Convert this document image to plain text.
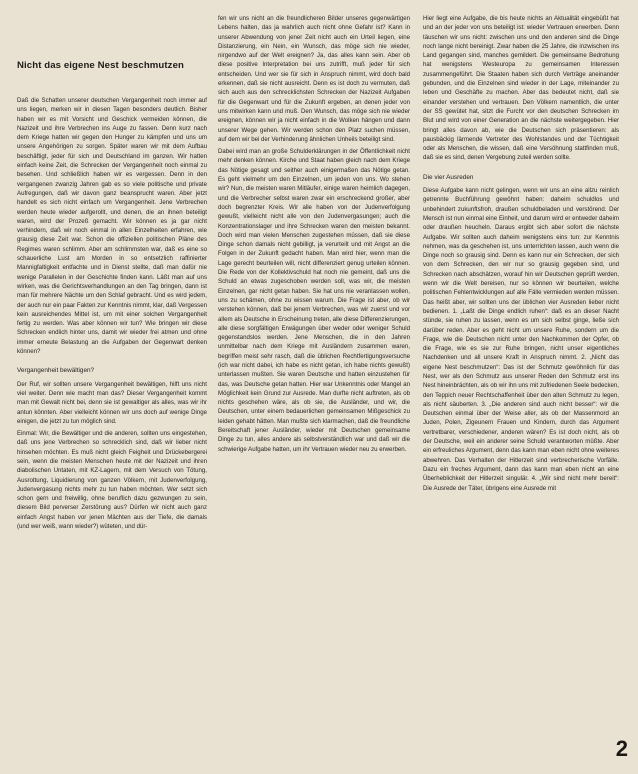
Nicht das eigene Nest beschmutzen

Daß die Schatten unserer deutschen Vergangenheit noch immer auf uns liegen, merken wir in diesen Tagen besonders deutlich. Bisher haben wir es mit Vorsicht und Geschick vermeiden können, die Nazizeit und ihre Verbrechen ins Auge zu fassen. Denn kurz nach dem Kriege hatten wir gegen den Hunger zu kämpfen und uns um unsere Angehörigen zu sorgen. Später waren wir mit dem Aufbau beschäftigt, jeder für sich und Deutschland im ganzen. Wir hatten einfach keine Zeit, die Schrecken der Vergangenheit noch einmal zu besehen. Und schließlich haben wir es vergessen. Denn in den vergangenen zwanzig Jahren gab es so viele politische und private Aufregungen, daß wir davon ganz beansprucht waren. Aber jetzt handelt es sich nicht einfach um Vergangenheit. Jene Verbrechen werden heute wieder aufgerollt, und denen, die an ihnen beteiligt waren, wird der Prozeß gemacht. Wir können es ja gar nicht verhindern, daß wir noch einmal in allen Einzelheiten erfahren, wie grausig diese Zeit war. Schon die offiziellen politischen Pläne des Regimes waren schlimm. Aber am schlimmsten war, daß es eine so schauerliche Lust am Morden in so entsetzlich raffinierter Mannigfaltigkeit entfachte und in Dienst stellte, daß man dafür nie wenige Parallelen in der Geschichte finden kann. Läßt man auf uns wirken, was die Gerichtsverhandlungen an den Tag bringen, dann ist man für mehrere Nächte um den Schlaf gebracht. Und es wird jedem, der auch nur ein paar Fakten zur Kenntnis nimmt, klar, daß Vergessen kein ausreichendes Mittel ist, um mit einer solchen Vergangenheit fertig zu werden. Was aber können wir tun? Wie bringen wir diese Schrecken endlich hinter uns, damit wir wieder frei atmen und ohne immer erneute Belastung an die Aufgaben der Gegenwart denken können?

Vergangenheit bewältigen?

Der Ruf, wir sollten unsere Vergangenheit bewältigen, hilft uns nicht viel weiter. Denn wie macht man das? Dieser Vergangenheit kommt man mit Gewalt nicht bei, denn sie ist gewaltiger als alles, was wir ihr antun könnten. Aber vielleicht können wir uns doch auf wenige Dinge einigen, die jetzt zu tun möglich sind.

Einmal: Wir, die Bewältiger und die anderen, sollten uns eingestehen, daß uns jene Verbrechen so schrecklich sind, daß wir lieber nicht hinsehen möchten. Es muß nicht gleich Feigheit und Drückebergerei sein, wenn die meisten Menschen heute mit der Nazizeit und ihren diabolischen Untaten, mit KZ-Lagern, mit dem Versuch von Tötung, Ausrottung, Liquidierung von ganzen Völkern, mit Judenverfolgung, Judenvergasung nichts mehr zu tun haben möchten. Wer setzt sich schon gern und freiwillig, ohne beruflich dazu gezwungen zu sein, diesem Bild perverser Zerstörung aus? Dürfen wir nicht auch ganz einfach Angst haben vor jenen Mächten aus der Tiefe, die damals (und wer weiß, wann wieder?) wüteten, und dür-

fen wir uns nicht an die freundlicheren Bilder unseres gegenwärtigen Lebens halten, das ja wahrlich auch nicht ohne Gefahr ist? Kann in unserer Abwendung von jener Zeit nicht auch ein Urteil liegen, eine Distanzierung, ein Nein, ein Wunsch, das möge sich nie wieder, nirgendwo auf der Welt ereignen? Ja, das alles kann sein. Aber ob diese positive Interpretation bei uns zutrifft, muß jeder für sich entscheiden. Und wer sie für sich in Anspruch nimmt, wird doch bald erkennen, daß sie nicht ausreicht. Denn es ist doch zu vermuten, daß sich auch aus den schrecklichsten Schrecken der Nazizeit Aufgaben für die Gegenwart und für die Zukunft ergeben, an denen jeder von uns mitwirken kann und muß. Den Wunsch, das möge sich nie wieder ereignen, können wir ja nicht einfach in die Wolken hängen und dann unserer Wege gehen. Wir werden schon den Platz suchen müssen, auf dem wir bei der Verhinderung ähnlichen Unheils beteiligt sind.

Dabei wird man an große Schulderklärungen in der Öffentlichkeit nicht mehr denken können. Kirche und Staat haben gleich nach dem Kriege das Nötige gesagt und seither auch einigermaßen das Nötige getan. Es geht vielmehr um den Einzelnen, um jeden von uns. Wo stehen wir? Nun, die meisten waren Mitläufer, einige waren heimlich dagegen, und die Verbrecher selbst waren zwar ein erschreckend großer, aber doch begrenzter Kreis. Wir alle haben von der Judenverfolgung gewußt, vielleicht nicht alle von den Judenvergasungen; auch die Konzentrationslager und ihre Schrecken waren den meisten bekannt. Doch wird man vielen Menschen zugestehen müssen, daß sie diese Dinge schon damals nicht gebilligt, ja verurteilt und mit Angst an die Folgen in der Zukunft gedacht haben. Man wird hier, wenn man die Lage gerecht beurteilen will, nicht differenziert genug urteilen können. Die Rede von der Kollektivschuld hat noch nie gemeint, daß uns die Schuld an etwas zugeschoben werden soll, was wir, die meisten Einzelnen, gar nicht getan haben. Sie hat uns nie veranlassen wollen, uns zu schämen, ohne zu wissen warum. Die Frage ist aber, ob wir verstehen können, daß bei jenem Verbrechen, was wir zuerst und vor allem als Deutsche in Erscheinung treten, alle diese Differenzierungen, alle diese sorgfältigen Erwägungen über weder oder weniger Schuld gegenstandslos werden. Jene Menschen, die in den Jahren unmittelbar nach dem Kriege mit Ausländern zusammen waren, begriffen meist sehr rasch, daß die üblichen Rechtfertigungsversuche (ich war nicht dabei, ich habe es nicht getan, ich habe nichts gewußt) unterlassen mußten. Sie waren Deutsche und hatten einzustehen für das, was Deutsche getan hatten. Hier war Unkenntnis oder Mangel an Möglichkeit kein Grund zur Ausrede. Man durfte nicht auftreten, als ob nichts geschehen wäre, als ob sie, die Ausländer, und wir, die Deutschen, unter einem bedauerlichen gemeinsamen Mißgeschick zu leiden gehabt hätten. Man mußte sich klarmachen, daß die freundliche Bereitschaft jener Ausländer, wieder mit Deutschen gemeinsame Dinge zu tun, alles andere als selbstverständlich war und daß wir die schwierige Aufgabe hatten, um ihr Vertrauen wieder neu zu erwerben.

Hier liegt eine Aufgabe, die bis heute nichts an Aktualität eingebüßt hat und an der jeder von uns beteiligt ist: wieder Vertrauen erwerben. Denn täuschen wir uns nicht: zwischen uns und den anderen sind die Dinge noch lange nicht bereinigt. Zwar haben die 25 Jahre, die inzwischen ins Land gegangen sind, manches gemildert. Die gemeinsame Bedrohung hat wenigstens Westeuropa zu gemeinsamen Interessen zusammengeführt. Die Staaten haben sich durch Verträge aneinander gebunden, und die Einzelnen sind wieder in der Lage, miteinander zu leben und Geschäfte zu machen. Aber das bedeutet nicht, daß sie einander verstehen und vertrauen. Den Völkern namentlich, die unter der SS gewütet hat, sitzt die Furcht vor den deutschen Schrecken im Blut und wird von einer Generation an die nächste weitergegeben. Hier bringt alles davon ab, wie die Deutschen sich präsentieren: als pausbäckig lärmende Vertreter des Wohlstandes und der Tüchtigkeit oder als Menschen, die wissen, daß eine Versöhnung stattfinden muß, daß sie es sind, denen Vergebung zuteil werden sollte.

Die vier Ausreden

Diese Aufgabe kann nicht gelingen, wenn wir uns an eine allzu reinlich getrennte Buchführung gewöhnt haben: daheim schuldlos und unbehindert zukunftsfroh, draußen schuldbeladen und verstörend. Der Mensch ist nun einmal eine Einheit, und darum wird er entweder daheim oder draußen heucheln. Daraus ergibt sich aber sofort die nächste Aufgabe. Wir sollten auch daheim wenigstens eins tun: zur Kenntnis nehmen, was da geschehen ist, uns unterrichten lassen, auch wenn die Dinge noch so grausig sind. Denn es kann nur ein Schrecken, der sich von dem Schrecken, den wir nur so grausig gegeben sind, und Schrecken nach abschätzen, worauf hin wir Deutschen geprüft werden, wenn wir die Welt bereisen, nur so können wir beurteilen, welche politischen Fehlentwicklungen auf alle Fälle vermieden werden müssen. Das heißt aber, wir sollten uns der üblichen vier Ausreden lieber nicht bedienen. 1. „Laßt die Dinge endlich ruhen“: daß es an dieser Nacht stünde, sie ruhen zu lassen, wenn es um sich selbst ginge, ließe sich darüber reden. Aber es geht nicht um unsere Ruhe, sondern um die Frage, wie die Deutschen nicht unter den Nachkommen der Opfer, ob die Frage, wie es sie zur Ruhe bringen, nicht unser eigentliches Nachdenken und all unsere Kraft in Anspruch nimmt. 2. „Nicht das eigene Nest beschmutzen“: Das ist der Schmutz gewöhnlich für das Nest, wer als den Schmutz aus unserer Reden den Schmutz erst ins Nest hineinbrächten, als ob wir ihn uns mit zufriedenen Seele bedecken, den Teppich neuer Rechtschaffenheit über den alten Schmutz zu legen, als nicht säuberten. 3. „Die anderen sind auch nicht besser“: wir die Deutschen einmal über der Weise aller, als ob der Massenmord an Juden, Polen, Zigeunern Frauen und Kindern, durch das Argument vertretbarer, verschiedener, anderen wären? Es ist doch nicht, als ob der Deutsche, weil ein anderer seine Schuld verantworten müßte. Aber ein erfreuliches Argument, denn das kann man eben nicht ohne weiteres abwehren. Das Verhalten der Hitlerzeit sind verbrecherische Vorfälle. Dazu ein freches Argument, dann das kann man eben nicht an eine Überheblichkeit der Hitlerzeit singulär. 4. „Wir sind nicht mehr bereit“: Die Ausrede der Täter, übrigens eine Ausrede mit

2
